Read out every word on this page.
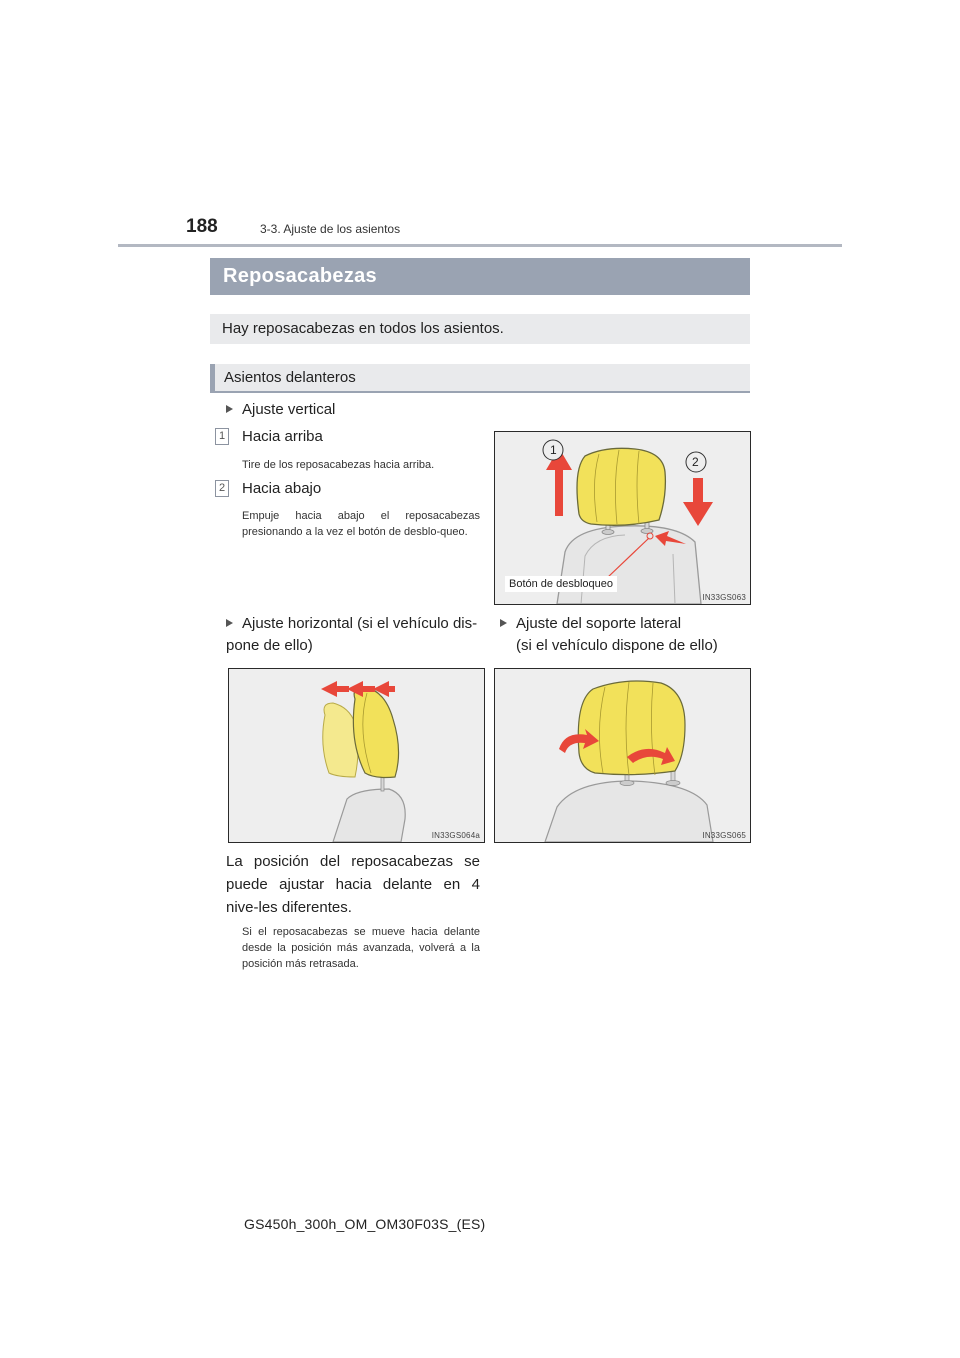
188	3-3. Ajuste de los asientos
Reposacabezas
Hay reposacabezas en todos los asientos.
Asientos delanteros
Ajuste vertical
1 Hacia arriba
Tire de los reposacabezas hacia arriba.
2 Hacia abajo
Empuje hacia abajo el reposacabezas presionando a la vez el botón de desblo-queo.
1
2
Botón de desbloqueo
IN33GS063
Ajuste horizontal (si el vehículo dis-pone de ello)
Ajuste del soporte lateral
(si el vehículo dispone de ello)
IN33GS064a	IN33GS065
La posición del reposacabezas se puede ajustar hacia delante en 4 nive-les diferentes.
Si el reposacabezas se mueve hacia delante desde la posición más avanzada, volverá a la posición más retrasada.
GS450h_300h_OM_OM30F03S_(ES)
